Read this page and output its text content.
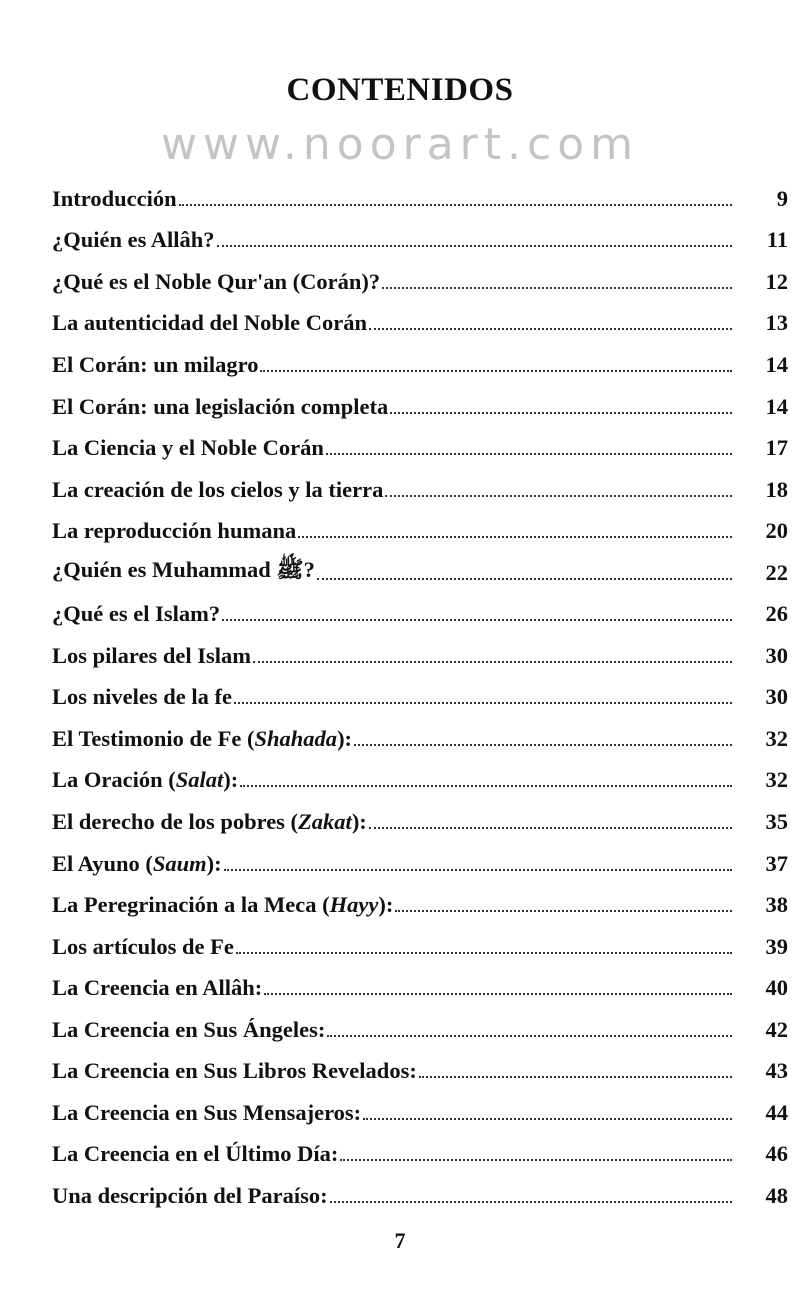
CONTENIDOS
www.noorart.com
Introducción	9
¿Quién es Allâh?	11
¿Qué es el Noble Qur'an (Corán)?	12
La autenticidad del Noble Corán	13
El Corán: un milagro	14
El Corán: una legislación completa	14
La Ciencia y el Noble Corán	17
La creación de los cielos y la tierra	18
La reproducción humana	20
¿Quién es Muhammad ﷺ?	22
¿Qué es el Islam?	26
Los pilares del Islam	30
Los niveles de la fe	30
El Testimonio de Fe (Shahada):	32
La Oración (Salat):	32
El derecho de los pobres (Zakat):	35
El Ayuno (Saum):	37
La Peregrinación a la Meca (Hayy):	38
Los artículos de Fe	39
La Creencia en Allâh:	40
La Creencia en Sus Ángeles:	42
La Creencia en Sus Libros Revelados:	43
La Creencia en Sus Mensajeros:	44
La Creencia en el Último Día:	46
Una descripción del Paraíso:	48
7
